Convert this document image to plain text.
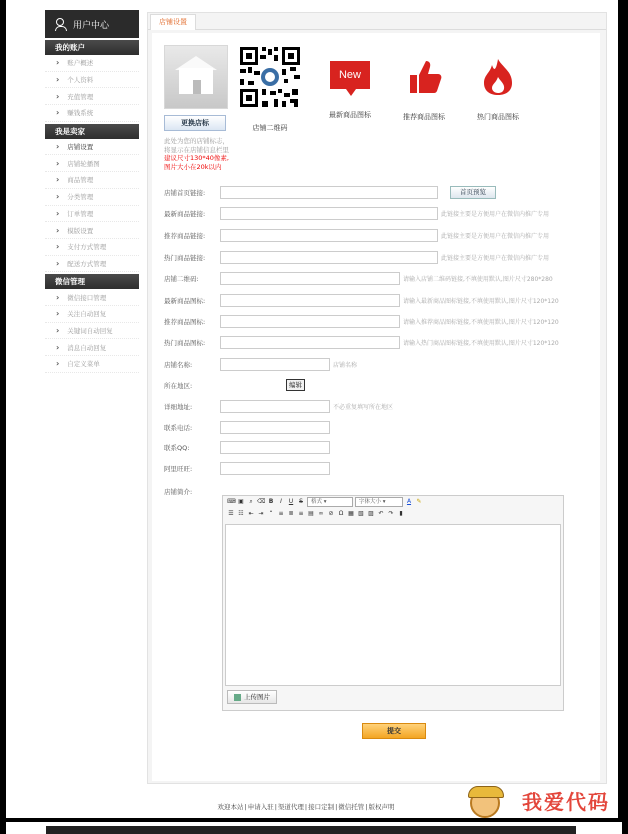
用户中心
我的账户
› 账户概述
› 个人资料
› 充值管理
› 赚钱系统
我是卖家
› 店铺设置
› 店铺轮播图
› 商品管理
› 分类管理
› 订单管理
› 模版设置
› 支付方式管理
› 配送方式管理
微信管理
› 微信接口管理
› 关注自动回复
› 关键词自动回复
› 消息自动回复
› 自定义菜单
店铺设置
更换店标
店铺二维码
New
最新商品图标	推荐商品图标	热门商品图标
此处为您的店铺标志，
将显示在店铺信息栏里
建议尺寸130*40像素,
图片大小在20k以内
店铺首页链接:	首页预览
最新商品链接:	此链接主要是方便用户在微信内推广专用
推荐商品链接:	此链接主要是方便用户在微信内推广专用
热门商品链接:	此链接主要是方便用户在微信内推广专用
店铺二维码:	请输入店铺二维码链接,不填使用默认,图片尺寸280*280
最新商品图标:	请输入最新商品图标链接,不填使用默认,图片尺寸120*120
推荐商品图标:	请输入推荐商品图标链接,不填使用默认,图片尺寸120*120
热门商品图标:	请输入热门商品图标链接,不填使用默认,图片尺寸120*120
店铺名称:	店铺名称
所在地区:	编辑
详细地址:	不必重复填写所在地区
联系电话:
联系QQ:
阿里旺旺:
店铺简介:
⌨ ▣ ⌕ ⌫ B	I	U S	格式 ▾	字体大小 ▾	A ✎
☰ ☷ ⇤ ⇥ “ ≡ ≣ ≡ ▤ ∞ ⊘ Ω ▦ ▧ ▨ ↶ ↷ ▮
上传图片
提交
欢迎本站|申请入驻|渠道代理|接口定制|微信托管|版权声明	我爱代码
